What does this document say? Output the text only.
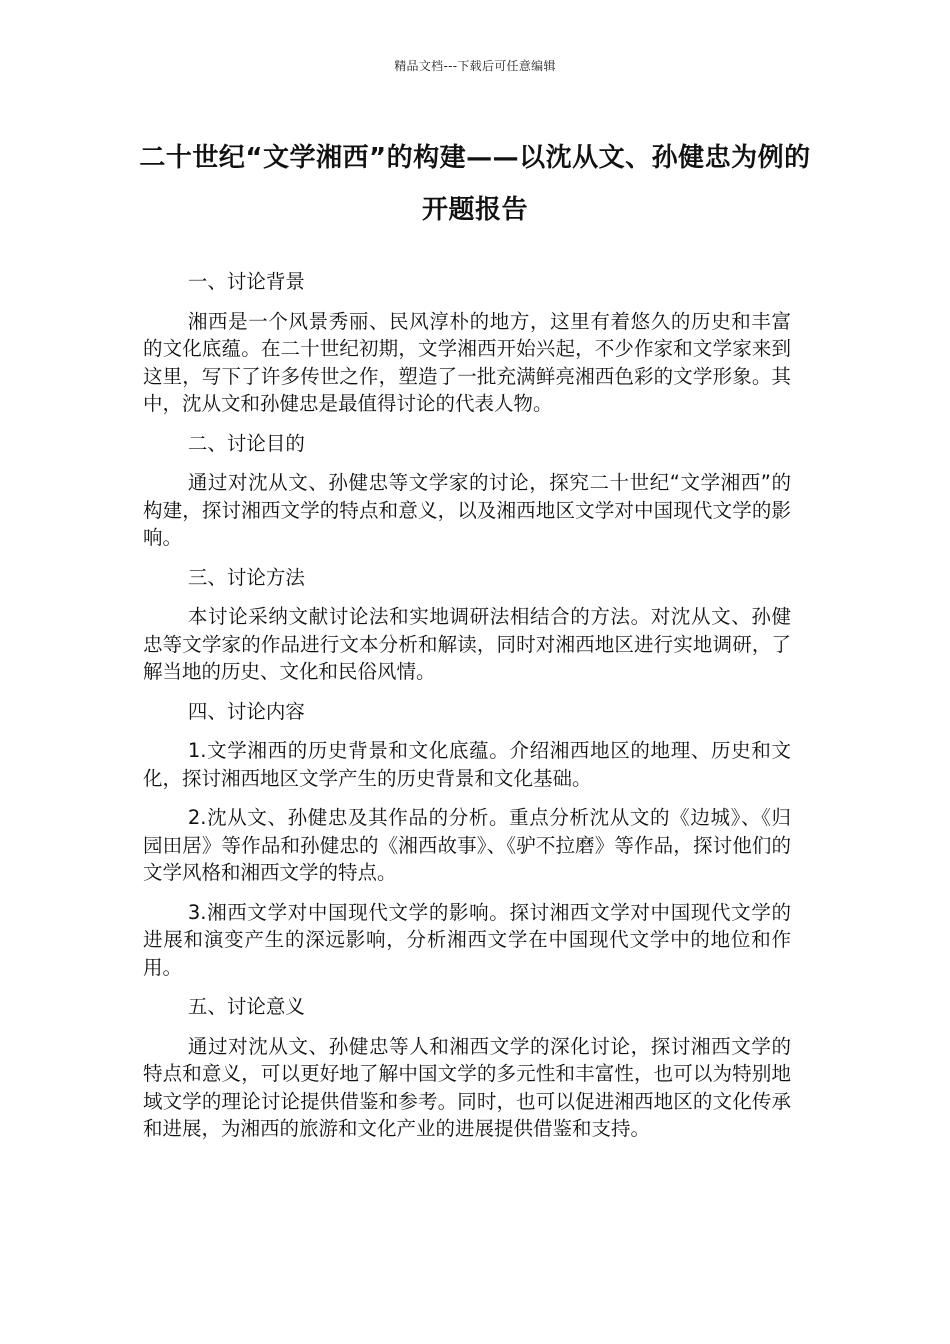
精品文档---下载后可任意编辑
二十世纪“文学湘西”的构建——以沈从文、孙健忠为例的开题报告
一、讨论背景
湘西是一个风景秀丽、民风淳朴的地方，这里有着悠久的历史和丰富的文化底蕴。在二十世纪初期，文学湘西开始兴起，不少作家和文学家来到这里，写下了许多传世之作，塑造了一批充满鲜亮湘西色彩的文学形象。其中，沈从文和孙健忠是最值得讨论的代表人物。
二、讨论目的
通过对沈从文、孙健忠等文学家的讨论，探究二十世纪“文学湘西”的构建，探讨湘西文学的特点和意义，以及湘西地区文学对中国现代文学的影响。
三、讨论方法
本讨论采纳文献讨论法和实地调研法相结合的方法。对沈从文、孙健忠等文学家的作品进行文本分析和解读，同时对湘西地区进行实地调研，了解当地的历史、文化和民俗风情。
四、讨论内容
1.文学湘西的历史背景和文化底蕴。介绍湘西地区的地理、历史和文化，探讨湘西地区文学产生的历史背景和文化基础。
2.沈从文、孙健忠及其作品的分析。重点分析沈从文的《边城》、《归园田居》等作品和孙健忠的《湘西故事》、《驴不拉磨》等作品，探讨他们的文学风格和湘西文学的特点。
3.湘西文学对中国现代文学的影响。探讨湘西文学对中国现代文学的进展和演变产生的深远影响，分析湘西文学在中国现代文学中的地位和作用。
五、讨论意义
通过对沈从文、孙健忠等人和湘西文学的深化讨论，探讨湘西文学的特点和意义，可以更好地了解中国文学的多元性和丰富性，也可以为特别地域文学的理论讨论提供借鉴和参考。同时，也可以促进湘西地区的文化传承和进展，为湘西的旅游和文化产业的进展提供借鉴和支持。
